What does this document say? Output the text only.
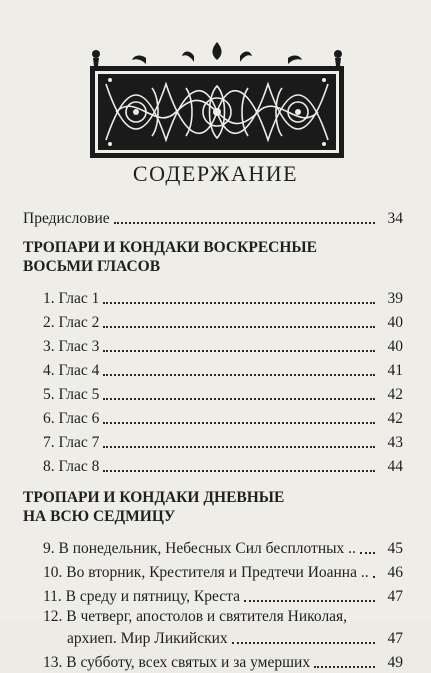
СОДЕРЖАНИЕ
Предисловие	34
ТРОПАРИ И КОНДАКИ ВОСКРЕСНЫЕ
ВОСЬМИ ГЛАСОВ
1. Глас 1	39
2. Глас 2	40
3. Глас 3	40
4. Глас 4	41
5. Глас 5	42
6. Глас 6	42
7. Глас 7	43
8. Глас 8	44
ТРОПАРИ И КОНДАКИ ДНЕВНЫЕ
НА ВСЮ СЕДМИЦУ
9. В понедельник, Небесных Сил бесплотных ..	45
10. Во вторник, Крестителя и Предтечи Иоанна ..	46
11. В среду и пятницу, Креста	47
12. В четверг, апостолов и святителя Николая,
архиеп. Мир Ликийских	47
13. В субботу, всех святых и за умерших	49
